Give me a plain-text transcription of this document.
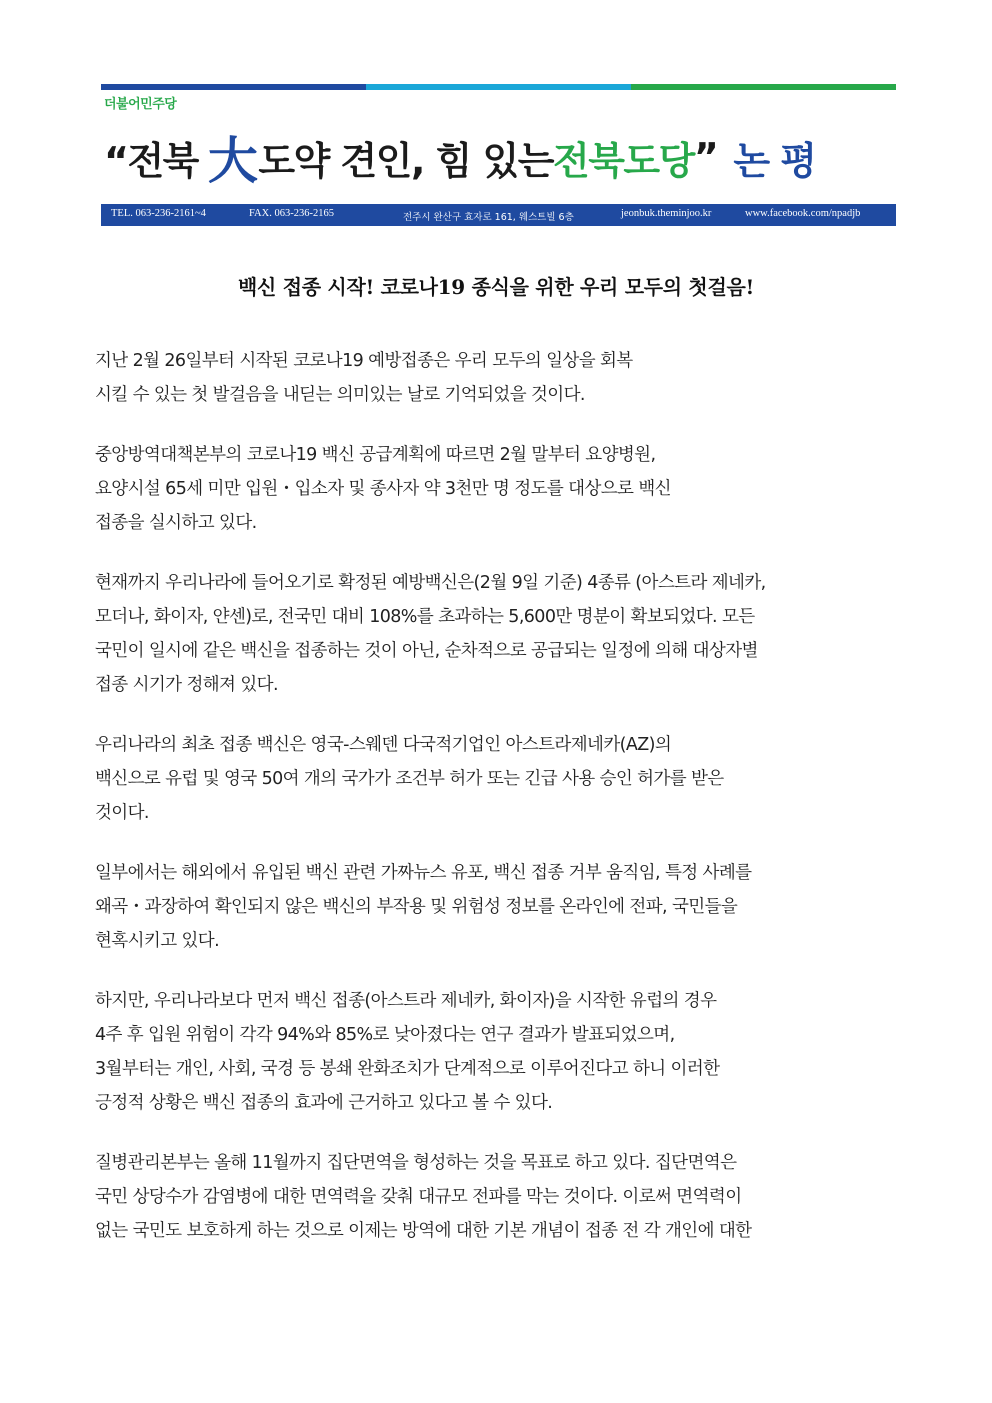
더불어민주당
“전북 大 도약 견인, 힘 있는 전북도당 ” 논 평
TEL. 063-236-2161~4	FAX. 063-236-2165	전주시 완산구 효자로 161, 웨스트빌 6층	jeonbuk.theminjoo.kr	www.facebook.com/npadjb
백신 접종 시작! 코로나19 종식을 위한 우리 모두의 첫걸음!

지난 2월 26일부터 시작된 코로나19 예방접종은 우리 모두의 일상을 회복
시킬 수 있는 첫 발걸음을 내딛는 의미있는 날로 기억되었을 것이다.

중앙방역대책본부의 코로나19 백신 공급계획에 따르면 2월 말부터 요양병원,
요양시설 65세 미만 입원・입소자 및 종사자 약 3천만 명 정도를 대상으로 백신
접종을 실시하고 있다.

현재까지 우리나라에 들어오기로 확정된 예방백신은(2월 9일 기준) 4종류 (아스트라 제네카,
모더나, 화이자, 얀센)로, 전국민 대비 108%를 초과하는 5,600만 명분이 확보되었다. 모든
국민이 일시에 같은 백신을 접종하는 것이 아닌, 순차적으로 공급되는 일정에 의해 대상자별
접종 시기가 정해져 있다.

우리나라의 최초 접종 백신은 영국-스웨덴 다국적기업인 아스트라제네카(AZ)의
백신으로 유럽 및 영국 50여 개의 국가가 조건부 허가 또는 긴급 사용 승인 허가를 받은
것이다.

일부에서는 해외에서 유입된 백신 관련 가짜뉴스 유포, 백신 접종 거부 움직임, 특정 사례를
왜곡・과장하여 확인되지 않은 백신의 부작용 및 위험성 정보를 온라인에 전파, 국민들을
현혹시키고 있다.

하지만, 우리나라보다 먼저 백신 접종(아스트라 제네카, 화이자)을 시작한 유럽의 경우
4주 후 입원 위험이 각각 94%와 85%로 낮아졌다는 연구 결과가 발표되었으며,
3월부터는 개인, 사회, 국경 등 봉쇄 완화조치가 단계적으로 이루어진다고 하니 이러한
긍정적 상황은 백신 접종의 효과에 근거하고 있다고 볼 수 있다.

질병관리본부는 올해 11월까지 집단면역을 형성하는 것을 목표로 하고 있다. 집단면역은
국민 상당수가 감염병에 대한 면역력을 갖춰 대규모 전파를 막는 것이다. 이로써 면역력이
없는 국민도 보호하게 하는 것으로 이제는 방역에 대한 기본 개념이 접종 전 각 개인에 대한
